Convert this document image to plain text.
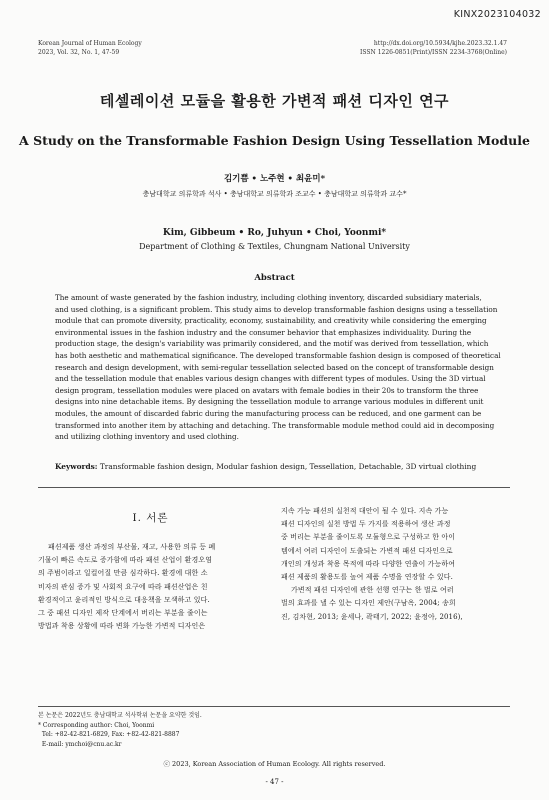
KINX2023104032
Korean Journal of Human Ecology
2023, Vol. 32, No. 1, 47-59
http://dx.doi.org/10.5934/kjhe.2023.32.1.47
ISSN 1226-0851(Print)/ISSN 2234-3768(Online)
테셀레이션 모듈을 활용한 가변적 패션 디자인 연구
A Study on the Transformable Fashion Design Using Tessellation Module
김기쁨 • 노주현 • 최윤미*
충남대학교 의류학과 석사 • 충남대학교 의류학과 조교수 • 충남대학교 의류학과 교수*
Kim, Gibbeum • Ro, Juhyun • Choi, Yoonmi*
Department of Clothing & Textiles, Chungnam National University
Abstract
The amount of waste generated by the fashion industry, including clothing inventory, discarded subsidiary materials,
and used clothing, is a significant problem. This study aims to develop transformable fashion designs using a tessellation
module that can promote diversity, practicality, economy, sustainability, and creativity while considering the emerging
environmental issues in the fashion industry and the consumer behavior that emphasizes individuality. During the
production stage, the design's variability was primarily considered, and the motif was derived from tessellation, which
has both aesthetic and mathematical significance. The developed transformable fashion design is composed of theoretical
research and design development, with semi-regular tessellation selected based on the concept of transformable design
and the tessellation module that enables various design changes with different types of modules. Using the 3D virtual
design program, tessellation modules were placed on avatars with female bodies in their 20s to transform the three
designs into nine detachable items. By designing the tessellation module to arrange various modules in different unit
modules, the amount of discarded fabric during the manufacturing process can be reduced, and one garment can be
transformed into another item by attaching and detaching. The transformable module method could aid in decomposing
and utilizing clothing inventory and used clothing.
Keywords: Transformable fashion design, Modular fashion design, Tessellation, Detachable, 3D virtual clothing
Ⅰ. 서론
패션제품 생산 과정의 부산물, 재고, 사용한 의류 등 폐
기물이 빠른 속도로 증가함에 따라 패션 산업이 환경오염
의 주범이라고 일컬어질 만큼 심각하다. 환경에 대한 소
비자의 관심 증가 및 사회적 요구에 따라 패션산업은 친
환경적이고 윤리적인 방식으로 대응책을 모색하고 있다.
그 중 패션 디자인 제작 단계에서 버리는 부분을 줄이는
방법과 착용 상황에 따라 변화 가능한 가변적 디자인은
지속 가능 패션의 실천적 대안이 될 수 있다. 지속 가능
패션 디자인의 실천 방법 두 가지를 적용하여 생산 과정
중 버리는 부분을 줄이도록 모듈형으로 구성하고 한 아이
템에서 여러 디자인이 도출되는 가변적 패션 디자인으로
개인의 개성과 착용 목적에 따라 다양한 연출이 가능하여
패션 제품의 활용도를 높여 제품 수명을 연장할 수 있다.
가변적 패션 디자인에 관한 선행 연구는 한 벌로 여러
벌의 효과를 낼 수 있는 디자인 제안(구남옥, 2004; 송희
진, 김차현, 2013; 윤세나, 곽태기, 2022; 윤정아, 2016),
본 논문은 2022년도 충남대학교 석사학위 논문을 요약한 것임.
* Corresponding author: Choi, Yoonmi
Tel: +82-42-821-6829, Fax: +82-42-821-8887
E-mail: ymchoi@cnu.ac.kr
ⓒ 2023, Korean Association of Human Ecology. All rights reserved.
- 47 -
